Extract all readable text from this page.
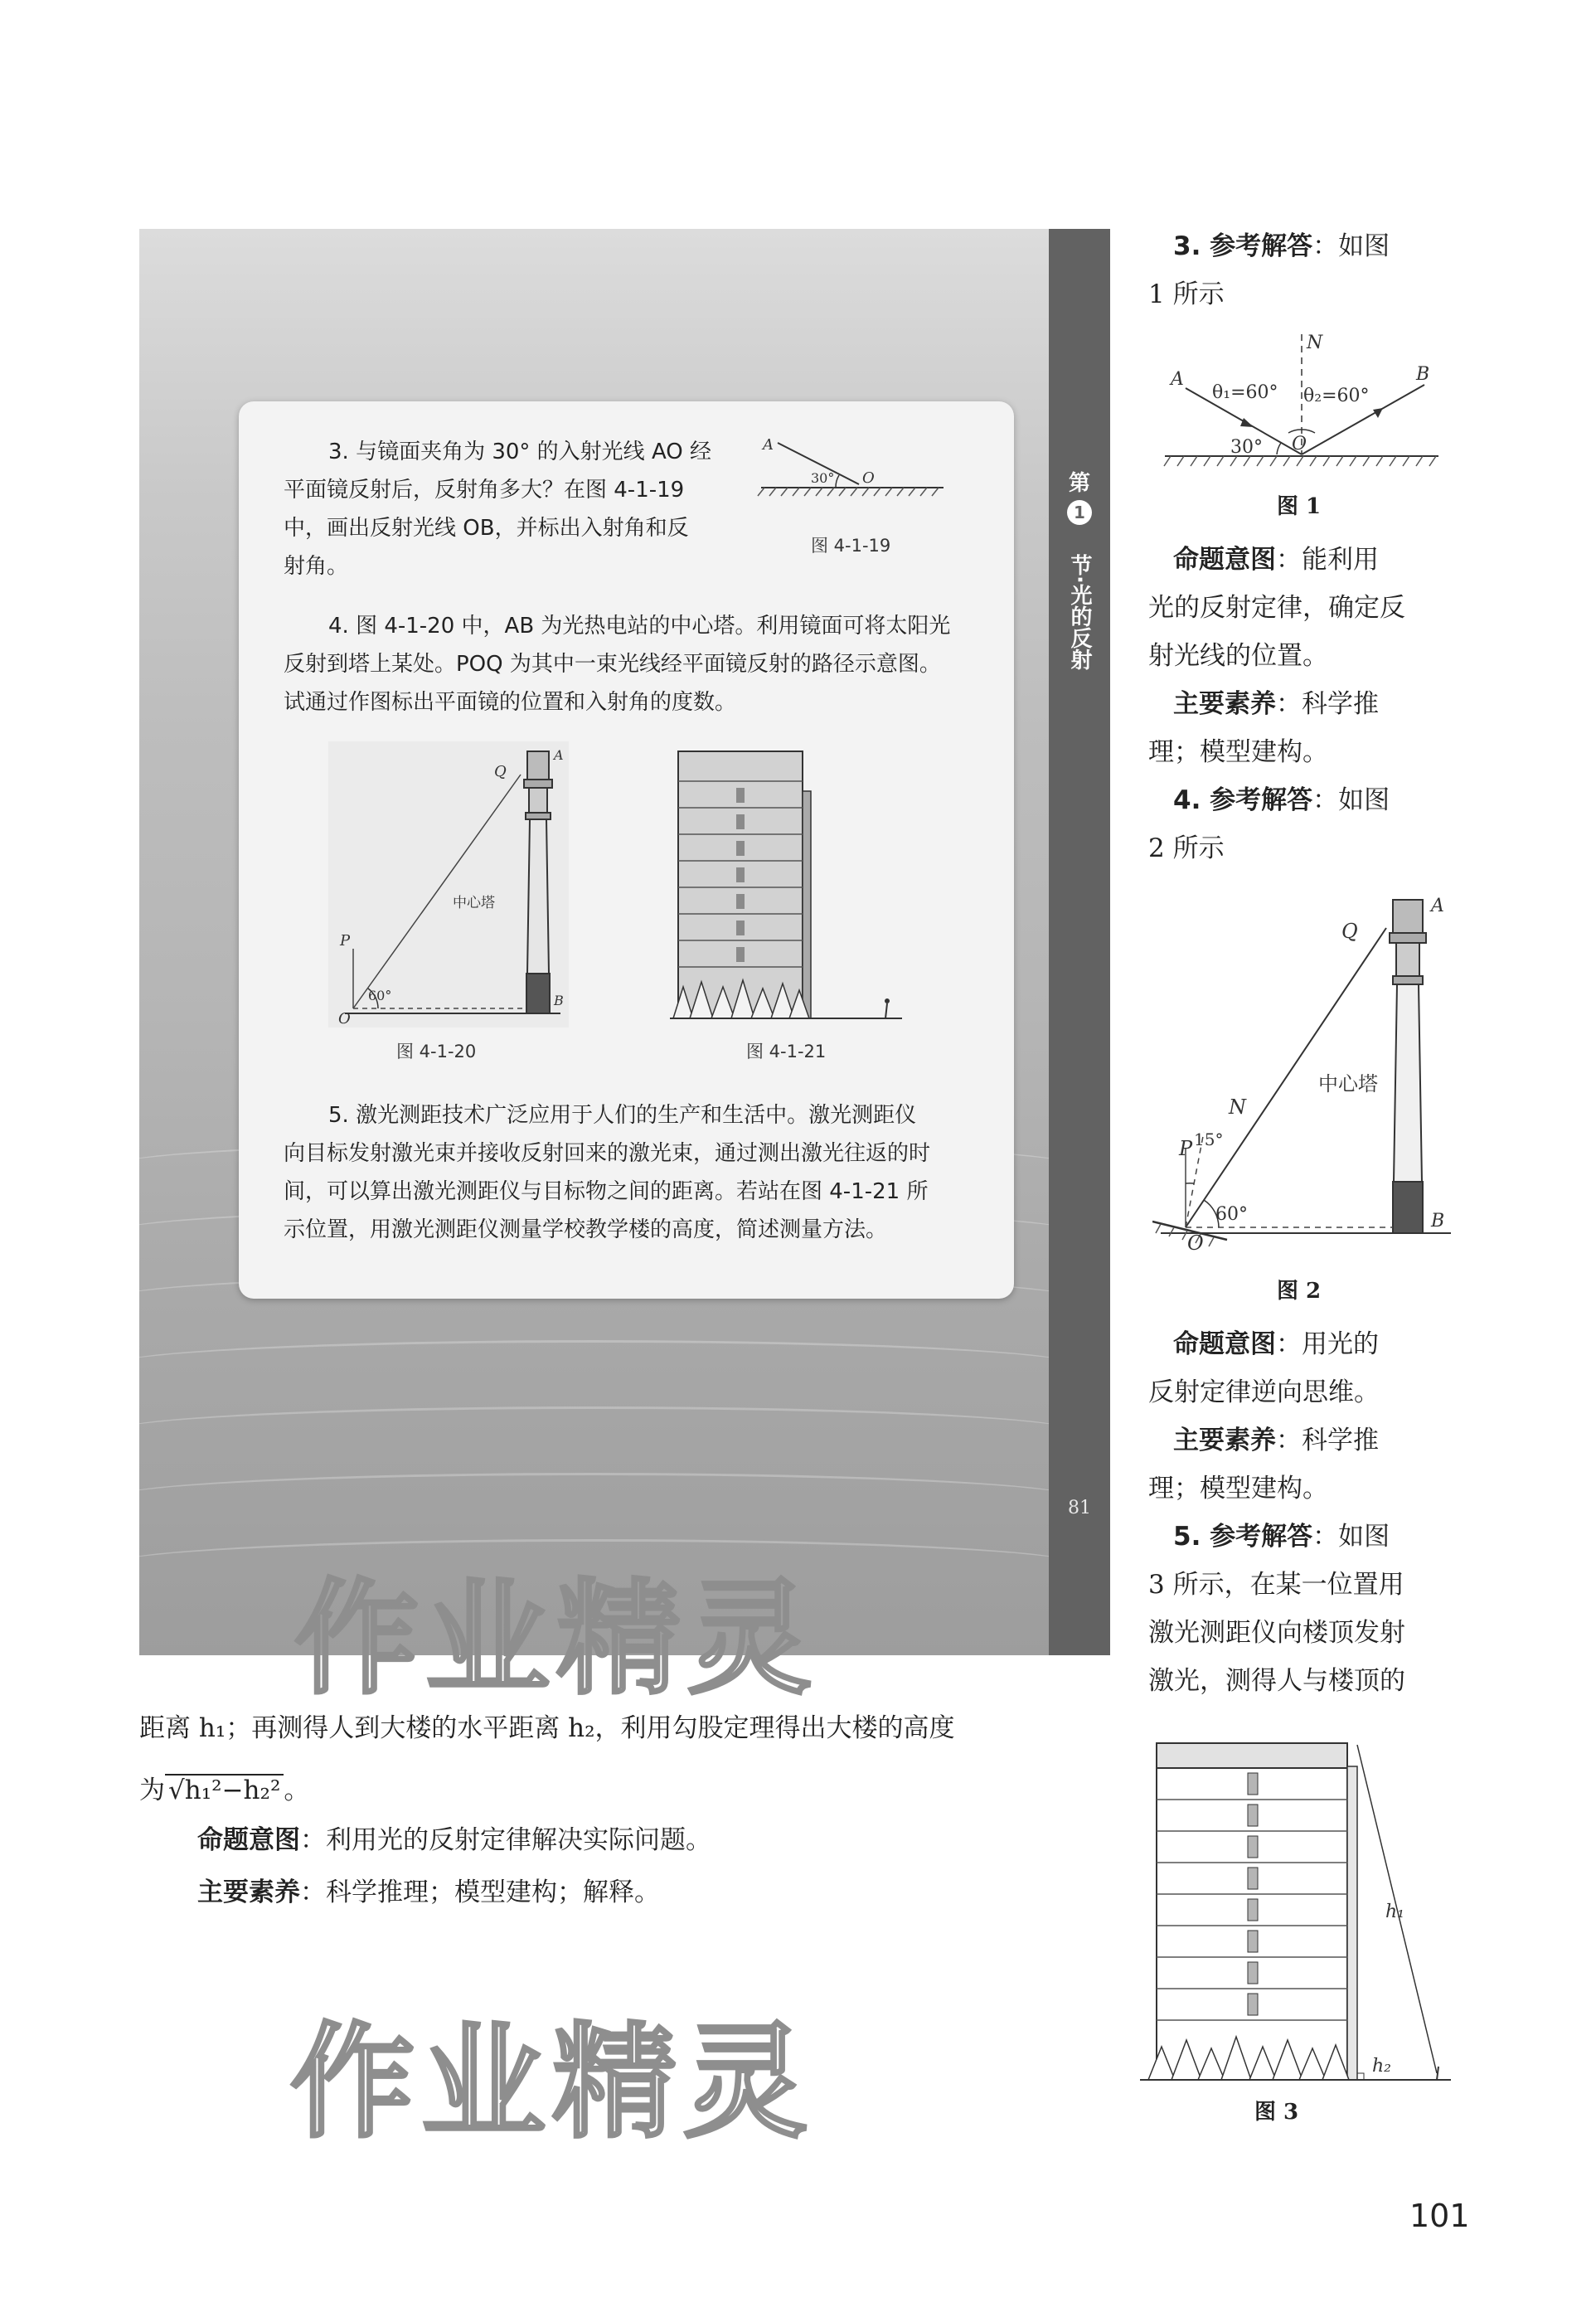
第
1
节·光的反射
81

3. 与镜面夹角为 30° 的入射光线 AO 经

平面镜反射后，反射角多大？在图 4-1-19

中，画出反射光线 OB，并标出入射角和反

射角。

A
O
30°
图 4-1-19

4. 图 4-1-20 中，AB 为光热电站的中心塔。利用镜面可将太阳光

反射到塔上某处。POQ 为其中一束光线经平面镜反射的路径示意图。

试通过作图标出平面镜的位置和入射角的度数。

Q
A
P
O
B
中心塔
60°
图 4-1-20	图 4-1-21

5. 激光测距技术广泛应用于人们的生产和生活中。激光测距仪

向目标发射激光束并接收反射回来的激光束，通过测出激光往返的时

间，可以算出激光测距仪与目标物之间的距离。若站在图 4-1-21 所

示位置，用激光测距仪测量学校教学楼的高度，简述测量方法。

作业精灵
3. 参考解答：如图
1 所示
N
A	B
O
θ₁=60° θ₂=60°
30°
图 1
命题意图：能利用
光的反射定律，确定反
射光线的位置。
主要素养：科学推
理；模型建构。
4. 参考解答：如图
2 所示
Q
A
N
P
O
B
中心塔
15°
60°
图 2
命题意图：用光的
反射定律逆向思维。
主要素养：科学推
理；模型建构。
5. 参考解答：如图
3 所示，在某一位置用
激光测距仪向楼顶发射
激光，测得人与楼顶的
h₁
h₂
图 3
距离 h₁；再测得人到大楼的水平距离 h₂，利用勾股定理得出大楼的高度
为 √h₁²−h₂² 。
命题意图：利用光的反射定律解决实际问题。
主要素养：科学推理；模型建构；解释。
作业精灵
101
